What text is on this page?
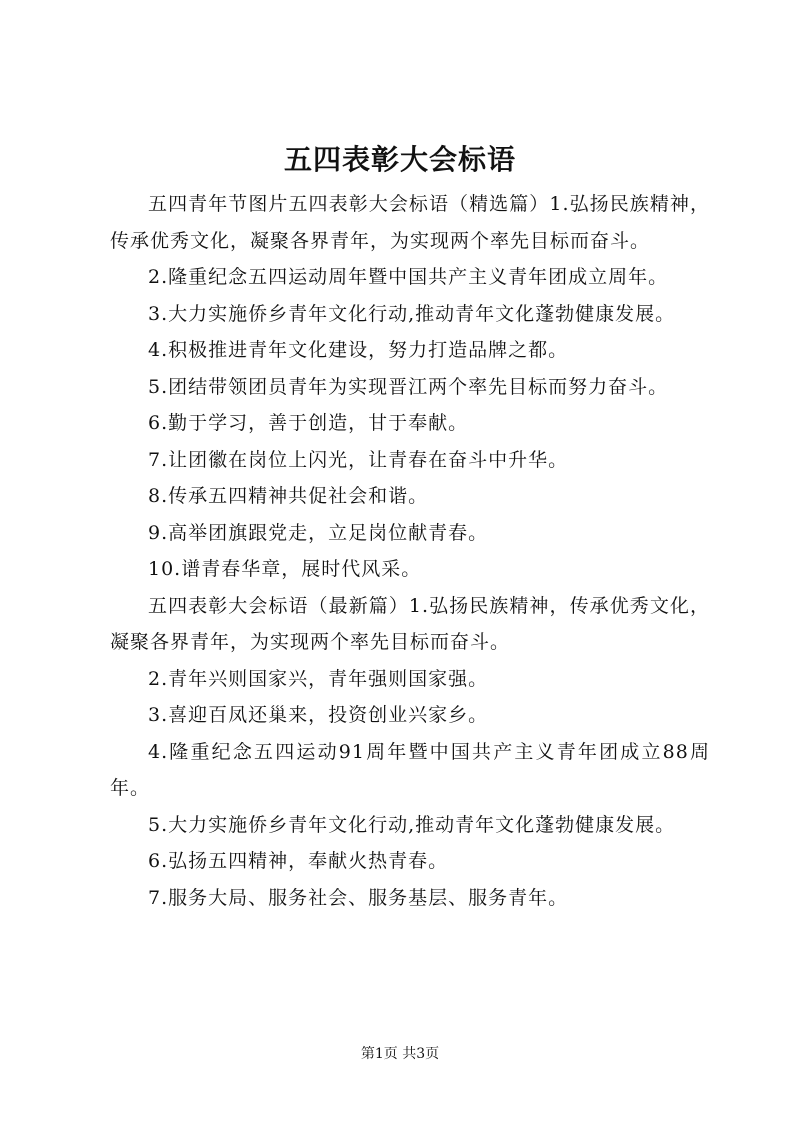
五四表彰大会标语

五四青年节图片五四表彰大会标语（精选篇）1.弘扬民族精神，传承优秀文化，凝聚各界青年，为实现两个率先目标而奋斗。

2.隆重纪念五四运动周年暨中国共产主义青年团成立周年。

3.大力实施侨乡青年文化行动,推动青年文化蓬勃健康发展。

4.积极推进青年文化建设，努力打造品牌之都。

5.团结带领团员青年为实现晋江两个率先目标而努力奋斗。

6.勤于学习，善于创造，甘于奉献。

7.让团徽在岗位上闪光，让青春在奋斗中升华。

8.传承五四精神共促社会和谐。

9.高举团旗跟党走，立足岗位献青春。

10.谱青春华章，展时代风采。

五四表彰大会标语（最新篇）1.弘扬民族精神，传承优秀文化，凝聚各界青年，为实现两个率先目标而奋斗。

2.青年兴则国家兴，青年强则国家强。

3.喜迎百凤还巢来，投资创业兴家乡。

4.隆重纪念五四运动91周年暨中国共产主义青年团成立88周年。

5.大力实施侨乡青年文化行动,推动青年文化蓬勃健康发展。

6.弘扬五四精神，奉献火热青春。

7.服务大局、服务社会、服务基层、服务青年。

第1页 共3页
